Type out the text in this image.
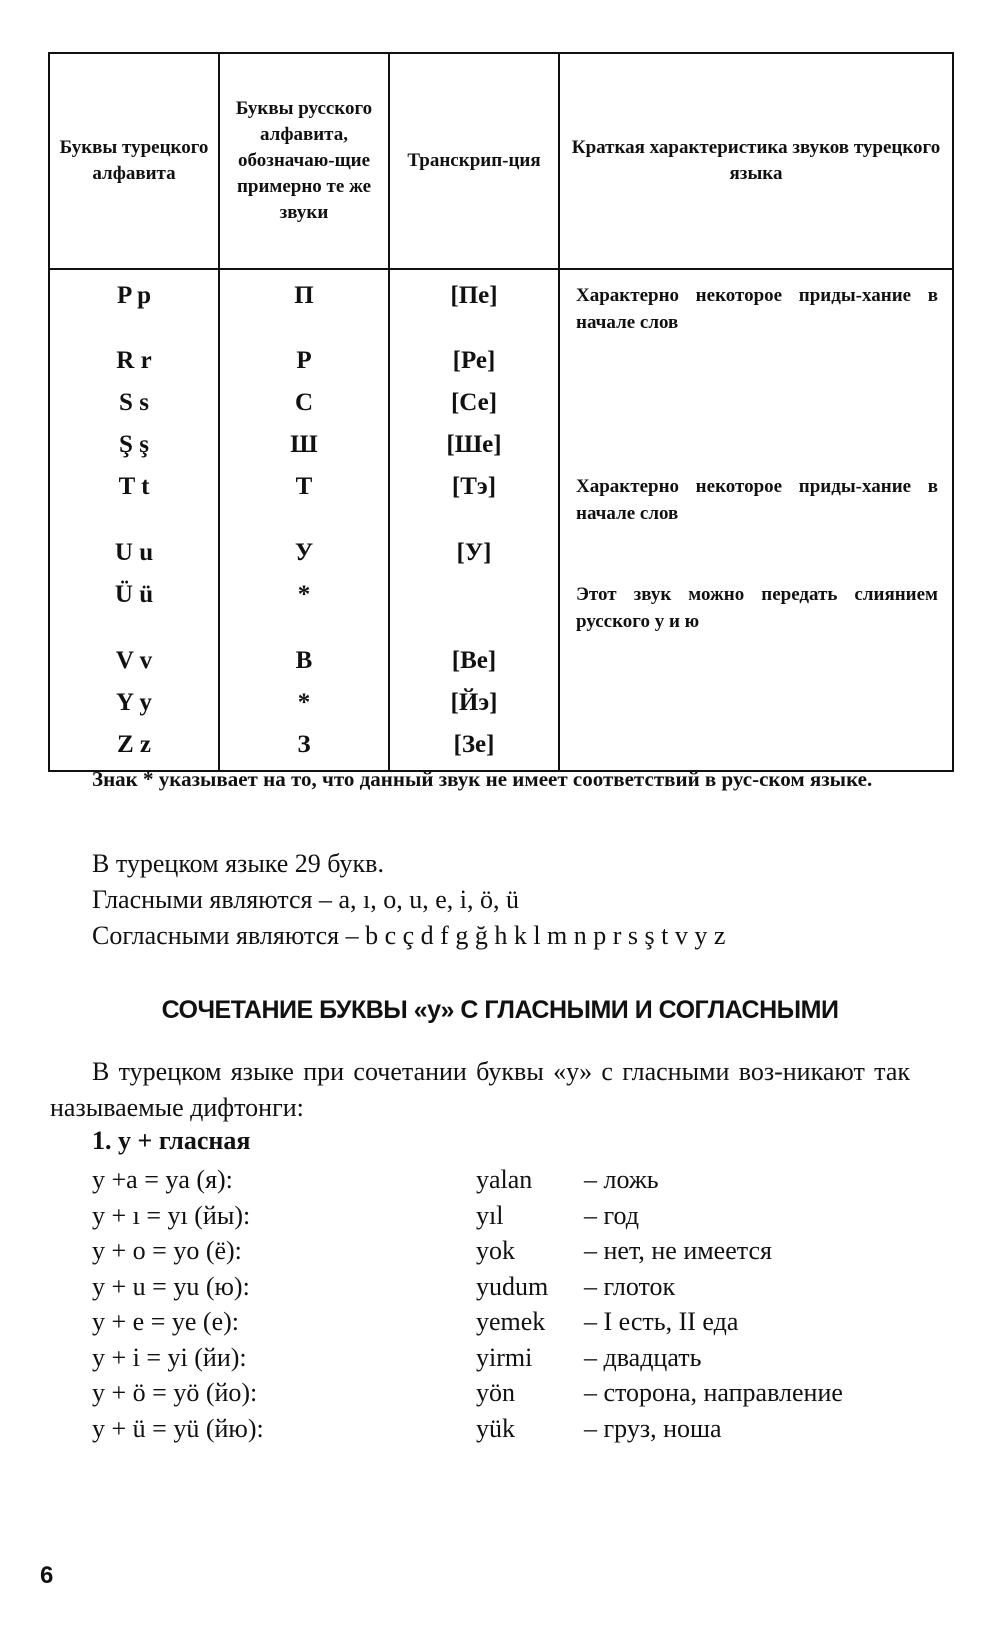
Буквы турецкого алфавита	Буквы русского алфавита, обозначаю-щие примерно те же звуки	Транскрип-ция	Краткая характеристика звуков турецкого языка
P p	П	[Пе]	Характерно некоторое приды-хание в начале слов
R r	Р	[Ре]	
S s	С	[Се]	
Ş ş	Ш	[Ше]	
T t	Т	[Тэ]	Характерно некоторое приды-хание в начале слов
U u	У	[У]	
Ü ü	*		Этот звук можно передать слиянием русского у и ю
V v	В	[Ве]	
Y y	*	[Йэ]	
Z z	З	[Зе]	
Знак * указывает на то, что данный звук не имеет соответствий в рус-ском языке.
В турецком языке 29 букв.
Гласными являются – a, ı, o, u, e, i, ö, ü
Согласными являются – b c ç d f g ğ h k l m n p r s ş t v y z
СОЧЕТАНИЕ БУКВЫ «y» С ГЛАСНЫМИ И СОГЛАСНЫМИ
В турецком языке при сочетании буквы «y» с гласными воз-никают так называемые дифтонги:
1. y + гласная
y +a = ya (я):	yalan – ложь
y + ı = yı (йы):	yıl	– год
y + o = yo (ё):	yok	– нет, не имеется
y + u = yu (ю):	yudum – глоток
y + e = ye (е):	yemek – I есть, II еда
y + i = yi (йи):	yirmi – двадцать
y + ö = yö (йо):	yön	– сторона, направление
y + ü = yü (йю):	yük	– груз, ноша
6
